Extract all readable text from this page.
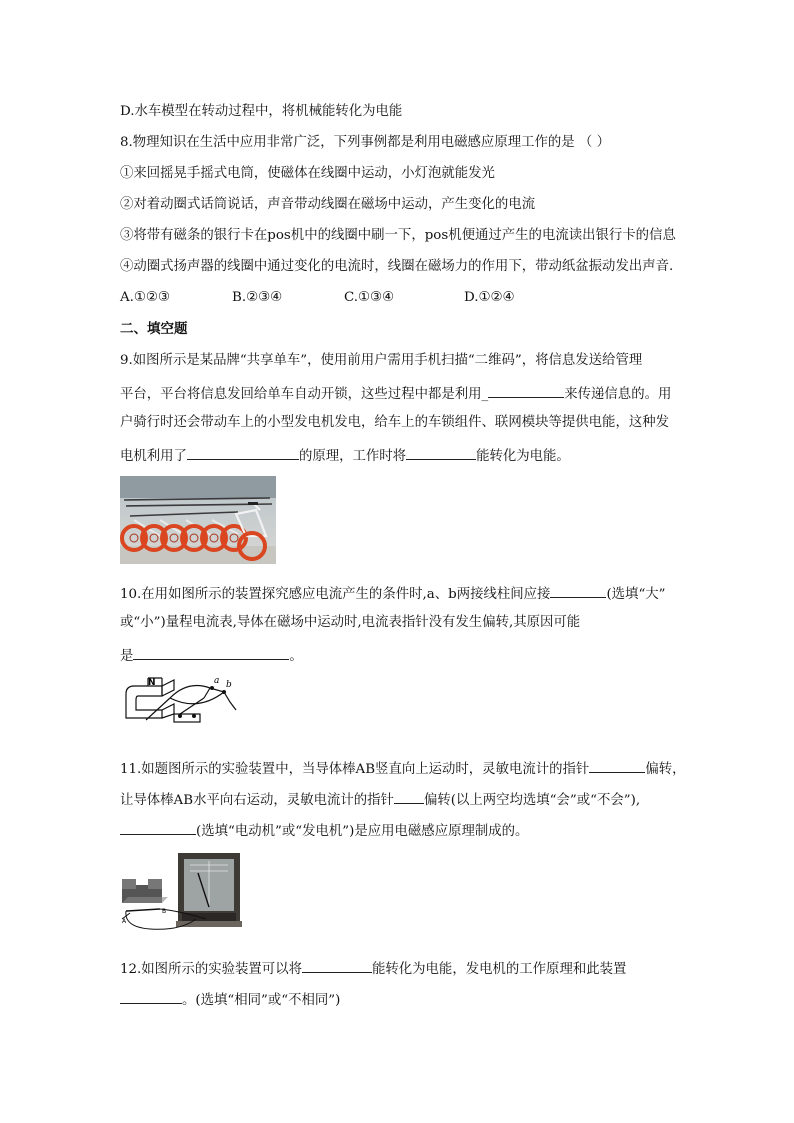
D.水车模型在转动过程中，将机械能转化为电能
8.物理知识在生活中应用非常广泛，下列事例都是利用电磁感应原理工作的是 （ ）
①来回摇晃手摇式电筒，使磁体在线圈中运动，小灯泡就能发光
②对着动圈式话筒说话，声音带动线圈在磁场中运动，产生变化的电流
③将带有磁条的银行卡在pos机中的线圈中刷一下，pos机便通过产生的电流读出银行卡的信息
④动圈式扬声器的线圈中通过变化的电流时，线圈在磁场力的作用下，带动纸盆振动发出声音.
A.①②③	B.②③④	C.①③④	D.①②④
二、填空题
9.如图所示是某品牌“共享单车”，使用前用户需用手机扫描“二维码”，将信息发送给管理
平台，平台将信息发回给单车自动开锁，这些过程中都是利用_	来传递信息的。用
户骑行时还会带动车上的小型发电机发电，给车上的车锁组件、联网模块等提供电能，这种发
电机利用了	的原理，工作时将	能转化为电能。
10.在用如图所示的装置探究感应电流产生的条件时,a、b两接线柱间应接	(选填“大”
或“小”)量程电流表,导体在磁场中运动时,电流表指针没有发生偏转,其原因可能
是	。
N	a b
11.如题图所示的实验装置中，当导体棒AB竖直向上运动时，灵敏电流计的指针	偏转，
让导体棒AB水平向右运动，灵敏电流计的指针 偏转(以上两空均选填“会”或“不会”),
(选填“电动机”或“发电机”)是应用电磁感应原理制成的。
A
B
12.如图所示的实验装置可以将	能转化为电能，发电机的工作原理和此装置
。(选填“相同”或“不相同”)
